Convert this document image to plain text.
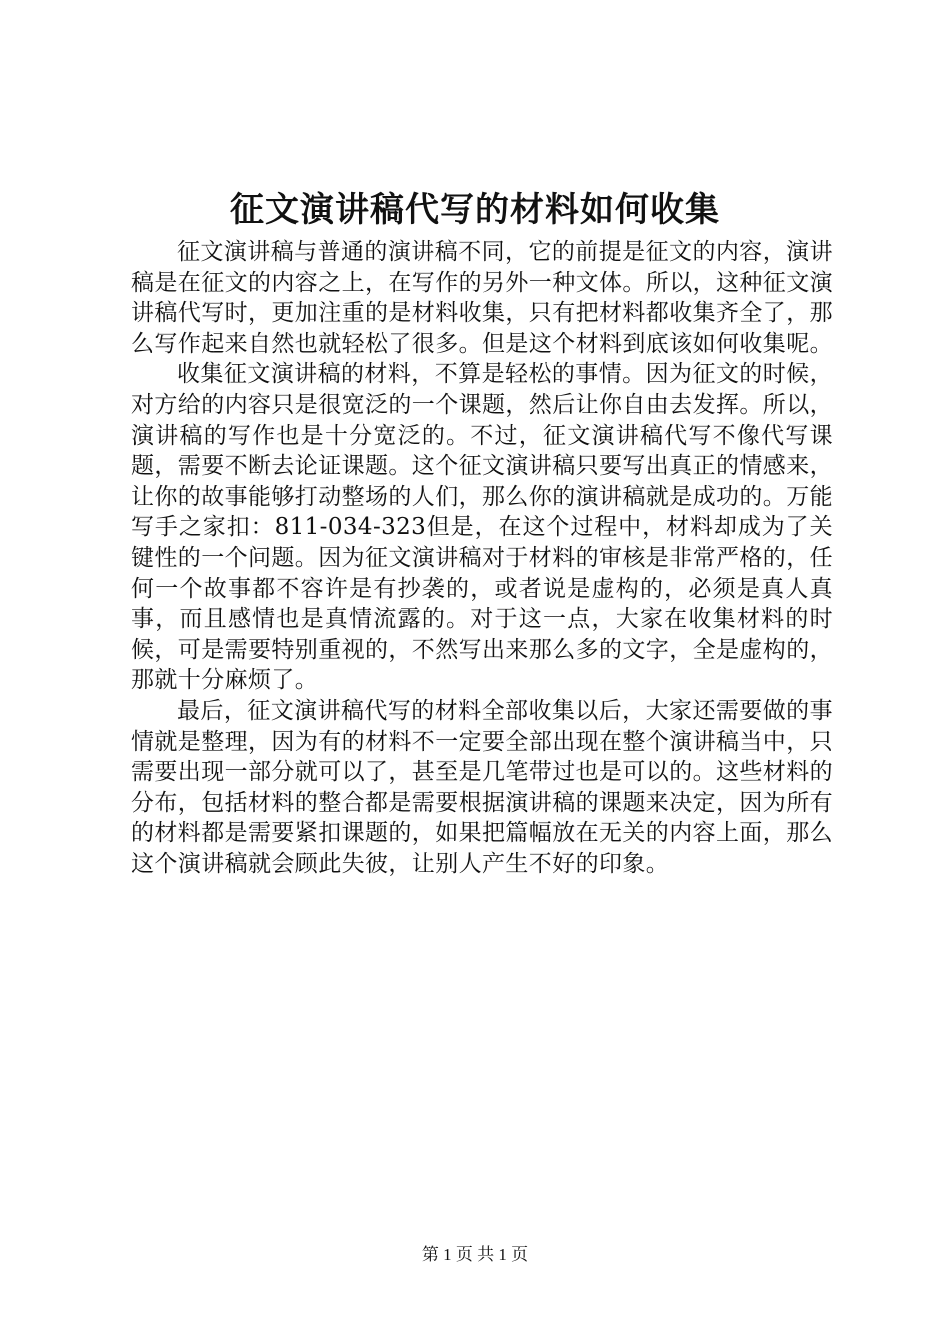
征文演讲稿代写的材料如何收集

征文演讲稿与普通的演讲稿不同，它的前提是征文的内容，演讲稿是在征文的内容之上，在写作的另外一种文体。所以，这种征文演讲稿代写时，更加注重的是材料收集，只有把材料都收集齐全了，那么写作起来自然也就轻松了很多。但是这个材料到底该如何收集呢。

收集征文演讲稿的材料，不算是轻松的事情。因为征文的时候，对方给的内容只是很宽泛的一个课题，然后让你自由去发挥。所以，演讲稿的写作也是十分宽泛的。不过，征文演讲稿代写不像代写课题，需要不断去论证课题。这个征文演讲稿只要写出真正的情感来，让你的故事能够打动整场的人们，那么你的演讲稿就是成功的。万能写手之家扣：811-034-323但是，在这个过程中，材料却成为了关键性的一个问题。因为征文演讲稿对于材料的审核是非常严格的，任何一个故事都不容许是有抄袭的，或者说是虚构的，必须是真人真事，而且感情也是真情流露的。对于这一点，大家在收集材料的时候，可是需要特别重视的，不然写出来那么多的文字，全是虚构的，那就十分麻烦了。

最后，征文演讲稿代写的材料全部收集以后，大家还需要做的事情就是整理，因为有的材料不一定要全部出现在整个演讲稿当中，只需要出现一部分就可以了，甚至是几笔带过也是可以的。这些材料的分布，包括材料的整合都是需要根据演讲稿的课题来决定，因为所有的材料都是需要紧扣课题的，如果把篇幅放在无关的内容上面，那么这个演讲稿就会顾此失彼，让别人产生不好的印象。

第 1 页 共 1 页
